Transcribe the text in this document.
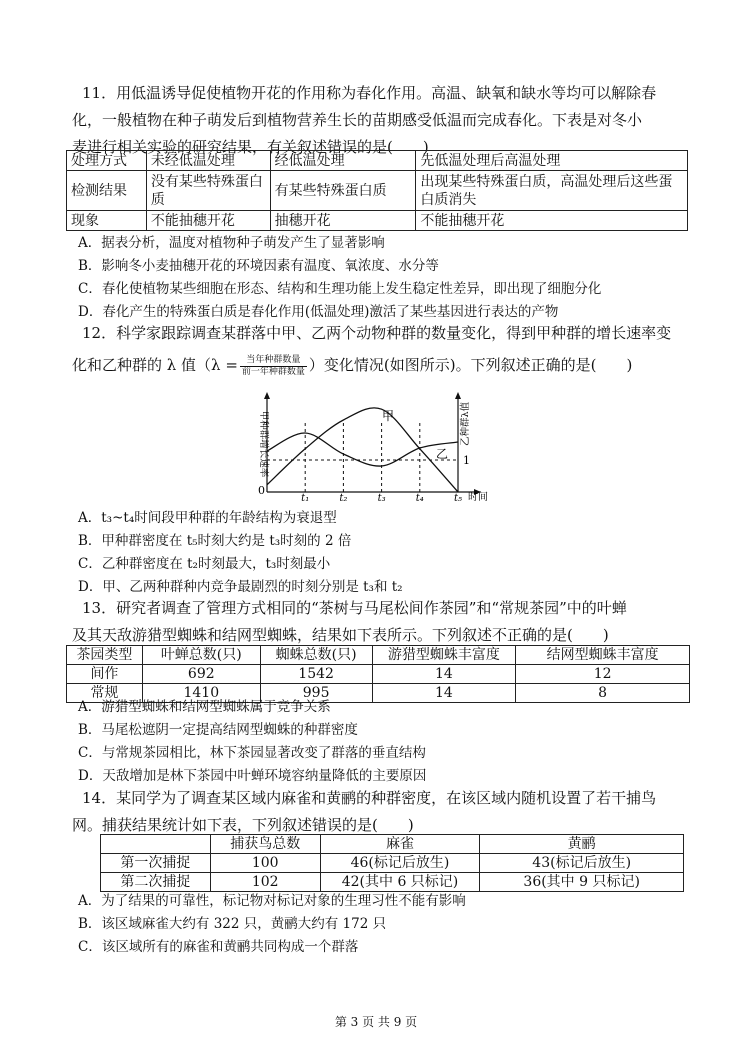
11．用低温诱导促使植物开花的作用称为春化作用。高温、缺氧和缺水等均可以解除春
化，一般植物在种子萌发后到植物营养生长的苗期感受低温而完成春化。下表是对冬小
麦进行相关实验的研究结果，有关叙述错误的是(　　)
处理方式	未经低温处理	经低温处理	先低温处理后高温处理
检测结果	没有某些特殊蛋白质	有某些特殊蛋白质	出现某些特殊蛋白质，高温处理后这些蛋白质消失
现象	不能抽穗开花	抽穗开花	不能抽穗开花
A．据表分析，温度对植物种子萌发产生了显著影响
B．影响冬小麦抽穗开花的环境因素有温度、氧浓度、水分等
C．春化使植物某些细胞在形态、结构和生理功能上发生稳定性差异，即出现了细胞分化
D．春化产生的特殊蛋白质是春化作用(低温处理)激活了某些基因进行表达的产物
12．科学家跟踪调查某群落中甲、乙两个动物种群的数量变化，得到甲种群的增长速率变
化和乙种群的 λ 值（$\lambda = \frac{\text{当年种群数量}}{\text{前一年种群数量}}$ ）变化情况(如图所示)。下列叙述正确的是(　　)
甲
乙
0
1
时间
甲种群增长速率	乙种群λ值
t₁	t₂	t₃	t₄	t₅
A．t₃~t₄时间段甲种群的年龄结构为衰退型
B．甲种群密度在 t₅时刻大约是 t₃时刻的 2 倍
C．乙种群密度在 t₂时刻最大，t₃时刻最小
D．甲、乙两种群种内竞争最剧烈的时刻分别是 t₃和 t₂
13．研究者调查了管理方式相同的“茶树与马尾松间作茶园”和“常规茶园”中的叶蝉
及其天敌游猎型蜘蛛和结网型蜘蛛，结果如下表所示。下列叙述不正确的是(　　)
茶园类型	叶蝉总数(只)	蜘蛛总数(只)	游猎型蜘蛛丰富度	结网型蜘蛛丰富度
间作	692	1542	14	12
常规	1410	995	14	8
A．游猎型蜘蛛和结网型蜘蛛属于竞争关系
B．马尾松遮阴一定提高结网型蜘蛛的种群密度
C．与常规茶园相比，林下茶园显著改变了群落的垂直结构
D．天敌增加是林下茶园中叶蝉环境容纳量降低的主要原因
14．某同学为了调查某区域内麻雀和黄鹂的种群密度，在该区域内随机设置了若干捕鸟
网。捕获结果统计如下表，下列叙述错误的是(　　)
	捕获鸟总数	麻雀	黄鹂
第一次捕捉	100	46(标记后放生)	43(标记后放生)
第二次捕捉	102	42(其中 6 只标记)	36(其中 9 只标记)
A．为了结果的可靠性，标记物对标记对象的生理习性不能有影响
B．该区域麻雀大约有 322 只，黄鹂大约有 172 只
C．该区域所有的麻雀和黄鹂共同构成一个群落
第 3 页 共 9 页
